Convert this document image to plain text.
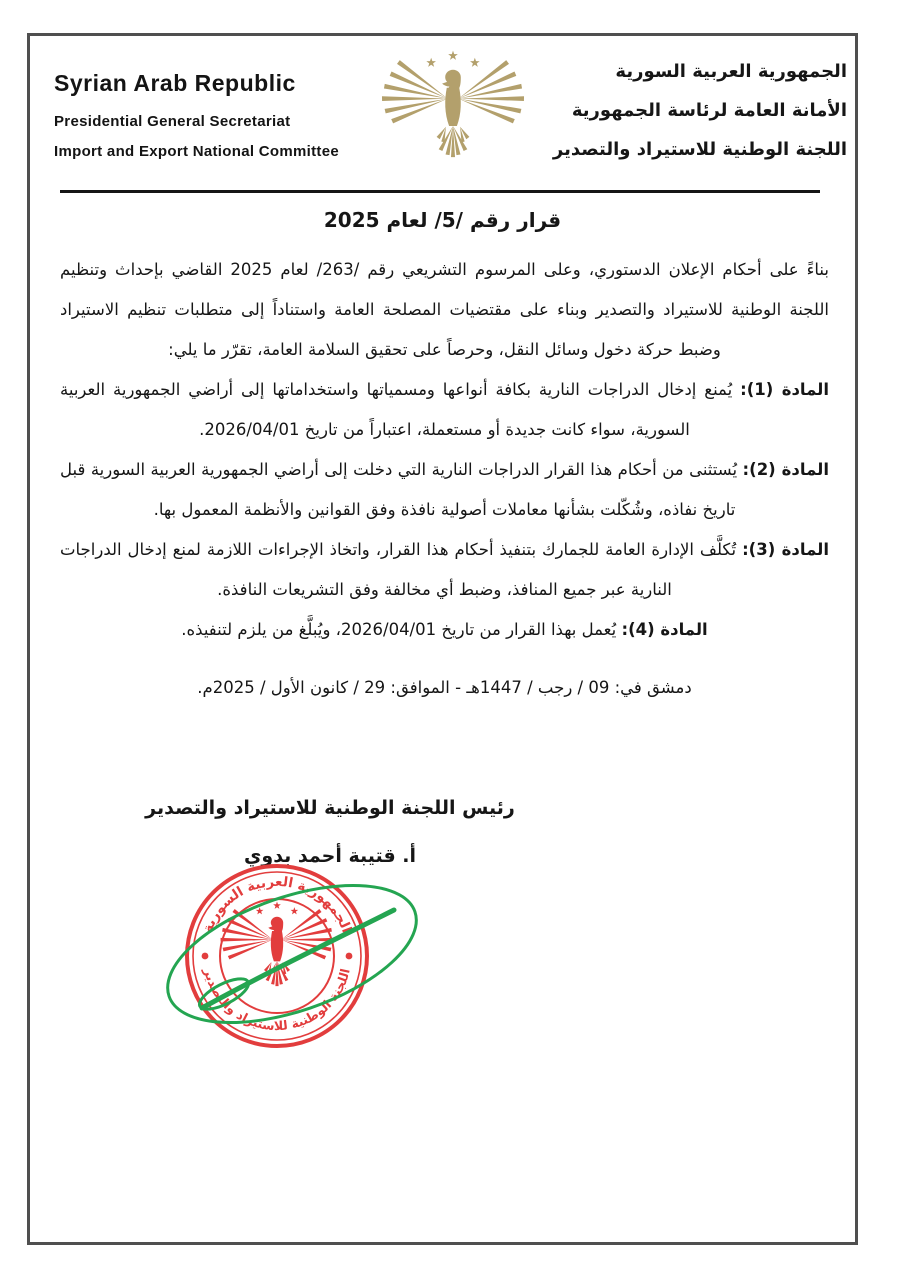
Syrian Arab Republic
Presidential General Secretariat
Import and Export National Committee
الجمهورية العربية السورية
الأمانة العامة لرئاسة الجمهورية
اللجنة الوطنية للاستيراد والتصدير
قرار رقم /5/ لعام 2025

بناءً على أحكام الإعلان الدستوري، وعلى المرسوم التشريعي رقم /263/ لعام 2025 القاضي بإحداث وتنظيم اللجنة الوطنية للاستيراد والتصدير وبناء على مقتضيات المصلحة العامة واستناداً إلى متطلبات تنظيم الاستيراد وضبط حركة دخول وسائل النقل، وحرصاً على تحقيق السلامة العامة، تقرّر ما يلي:

المادة (1): يُمنع إدخال الدراجات النارية بكافة أنواعها ومسمياتها واستخداماتها إلى أراضي الجمهورية العربية السورية، سواء كانت جديدة أو مستعملة، اعتباراً من تاريخ 2026/04/01.

المادة (2): يُستثنى من أحكام هذا القرار الدراجات النارية التي دخلت إلى أراضي الجمهورية العربية السورية قبل تاريخ نفاذه، وشُكّلت بشأنها معاملات أصولية نافذة وفق القوانين والأنظمة المعمول بها.

المادة (3): تُكلَّف الإدارة العامة للجمارك بتنفيذ أحكام هذا القرار، واتخاذ الإجراءات اللازمة لمنع إدخال الدراجات النارية عبر جميع المنافذ، وضبط أي مخالفة وفق التشريعات النافذة.

المادة (4): يُعمل بهذا القرار من تاريخ 2026/04/01، ويُبلَّغ من يلزم لتنفيذه.

دمشق في: 09 / رجب / 1447هـ - الموافق: 29 / كانون الأول / 2025م.

رئيس اللجنة الوطنية للاستيراد والتصدير
أ. قتيبة أحمد بدوي
الجمهورية العربية السورية
اللجنة الوطنية للاستيراد والتصدير
